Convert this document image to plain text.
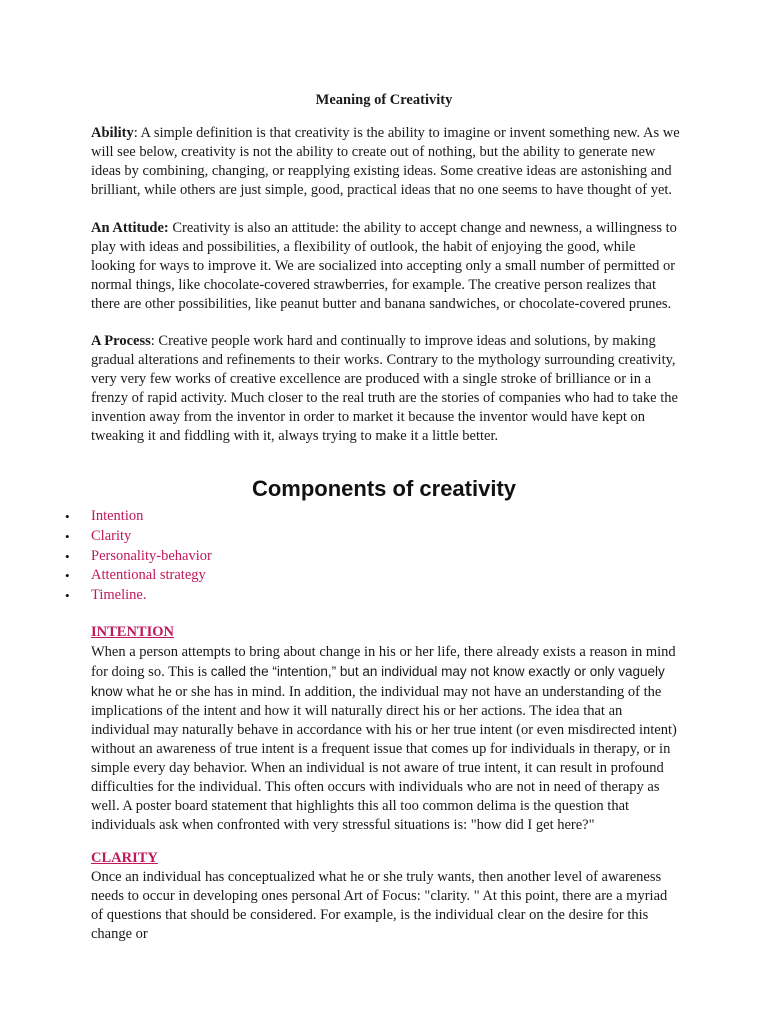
Meaning of Creativity
Ability: A simple definition is that creativity is the ability to imagine or invent something new. As we will see below, creativity is not the ability to create out of nothing, but the ability to generate new ideas by combining, changing, or reapplying existing ideas. Some creative ideas are astonishing and brilliant, while others are just simple, good, practical ideas that no one seems to have thought of yet.
An Attitude: Creativity is also an attitude: the ability to accept change and newness, a willingness to play with ideas and possibilities, a flexibility of outlook, the habit of enjoying the good, while looking for ways to improve it. We are socialized into accepting only a small number of permitted or normal things, like chocolate-covered strawberries, for example. The creative person realizes that there are other possibilities, like peanut butter and banana sandwiches, or chocolate-covered prunes.
A Process: Creative people work hard and continually to improve ideas and solutions, by making gradual alterations and refinements to their works. Contrary to the mythology surrounding creativity, very very few works of creative excellence are produced with a single stroke of brilliance or in a frenzy of rapid activity. Much closer to the real truth are the stories of companies who had to take the invention away from the inventor in order to market it because the inventor would have kept on tweaking it and fiddling with it, always trying to make it a little better.
Components of creativity
• Intention
• Clarity
• Personality-behavior
• Attentional strategy
• Timeline.
INTENTION
When a person attempts to bring about change in his or her life, there already exists a reason in mind for doing so. This is called the “intention,” but an individual may not know exactly or only vaguely know what he or she has in mind. In addition, the individual may not have an understanding of the implications of the intent and how it will naturally direct his or her actions. The idea that an individual may naturally behave in accordance with his or her true intent (or even misdirected intent) without an awareness of true intent is a frequent issue that comes up for individuals in therapy, or in simple every day behavior. When an individual is not aware of true intent, it can result in profound difficulties for the individual. This often occurs with individuals who are not in need of therapy as well. A poster board statement that highlights this all too common delima is the question that individuals ask when confronted with very stressful situations is: "how did I get here?"
CLARITY
Once an individual has conceptualized what he or she truly wants, then another level of awareness needs to occur in developing ones personal Art of Focus: "clarity. " At this point, there are a myriad of questions that should be considered. For example, is the individual clear on the desire for this change or
